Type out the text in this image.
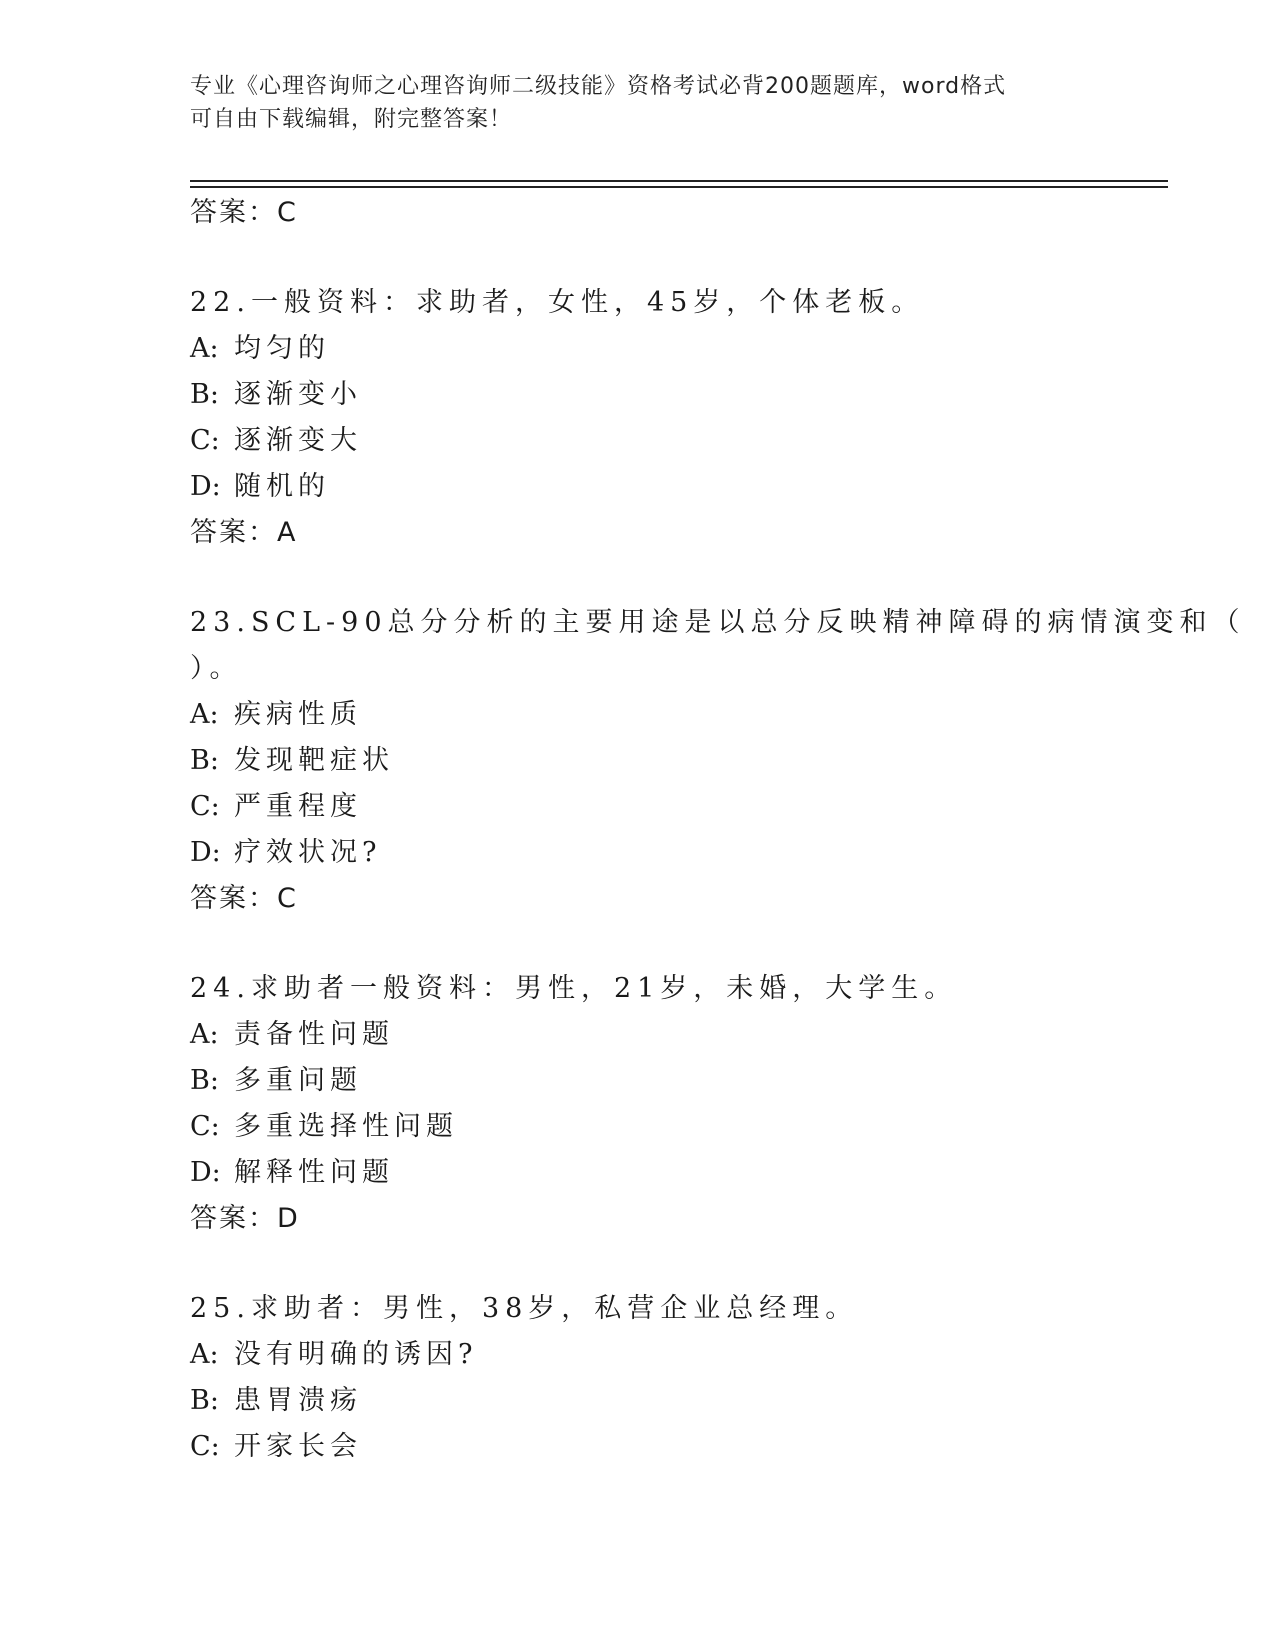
专业《心理咨询师之心理咨询师二级技能》资格考试必背200题题库，word格式
可自由下载编辑，附完整答案！
答案：C
22.一般资料：求助者，女性，45岁，个体老板。
A: 均匀的
B: 逐渐变小
C: 逐渐变大
D: 随机的
答案：A
23.SCL-90总分分析的主要用途是以总分反映精神障碍的病情演变和（
）。
A: 疾病性质
B: 发现靶症状
C: 严重程度
D: 疗效状况?
答案：C
24.求助者一般资料：男性，21岁，未婚，大学生。
A: 责备性问题
B: 多重问题
C: 多重选择性问题
D: 解释性问题
答案：D
25.求助者：男性，38岁，私营企业总经理。
A: 没有明确的诱因?
B: 患胃溃疡
C: 开家长会
